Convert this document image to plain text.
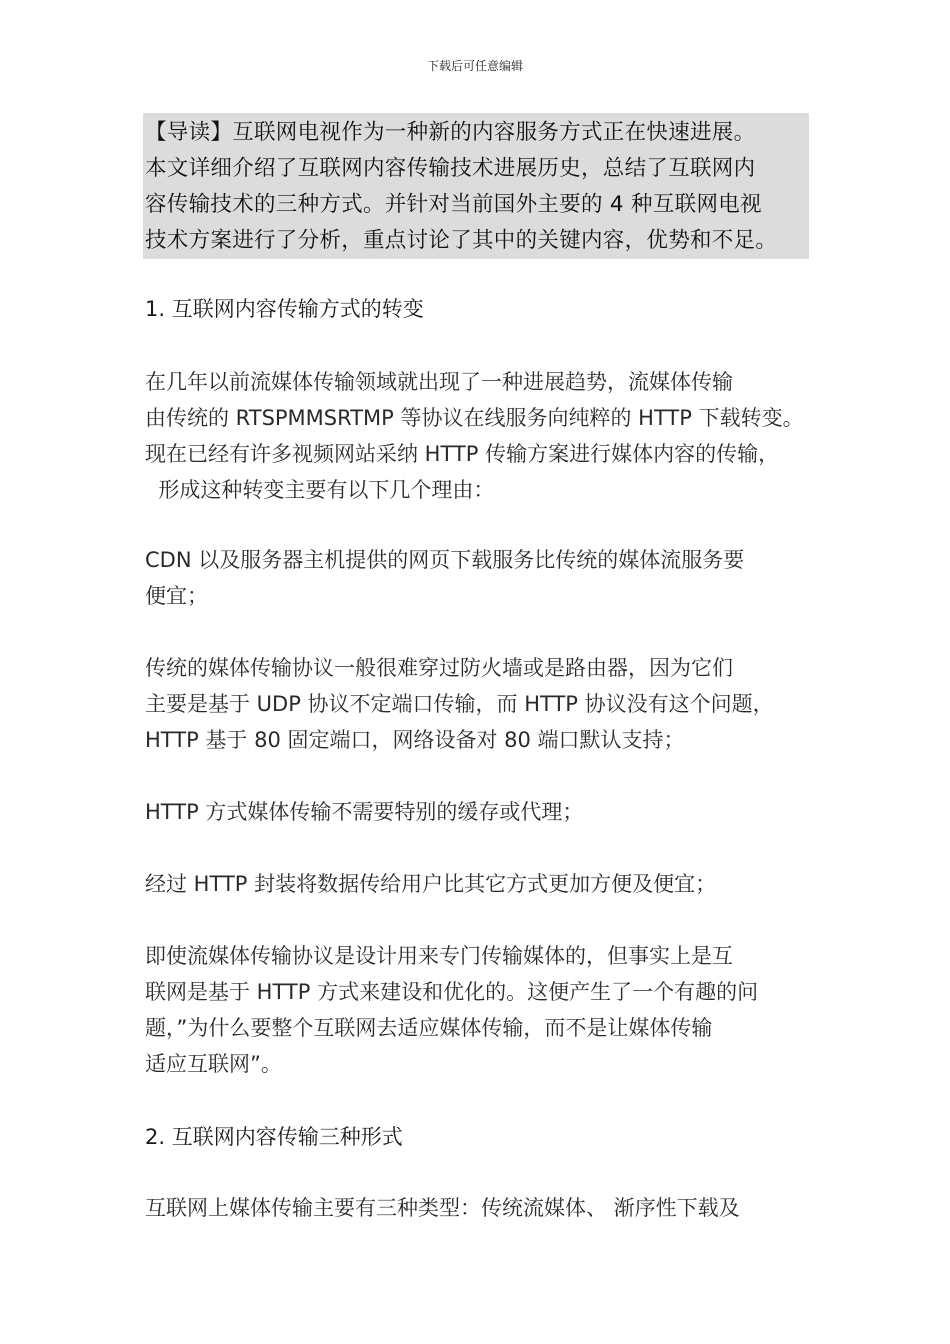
下载后可任意编辑
【导读】互联网电视作为一种新的内容服务方式正在快速进展。
本文详细介绍了互联网内容传输技术进展历史，总结了互联网内
容传输技术的三种方式。并针对当前国外主要的 4 种互联网电视
技术方案进行了分析，重点讨论了其中的关键内容，优势和不足。
1. 互联网内容传输方式的转变
在几年以前流媒体传输领域就出现了一种进展趋势，流媒体传输
由传统的 RTSPMMSRTMP 等协议在线服务向纯粹的 HTTP 下载转变。
现在已经有许多视频网站采纳 HTTP 传输方案进行媒体内容的传输，
形成这种转变主要有以下几个理由：
CDN 以及服务器主机提供的网页下载服务比传统的媒体流服务要
便宜；
传统的媒体传输协议一般很难穿过防火墙或是路由器，因为它们
主要是基于 UDP 协议不定端口传输，而 HTTP 协议没有这个问题，
HTTP 基于 80 固定端口，网络设备对 80 端口默认支持；
HTTP 方式媒体传输不需要特别的缓存或代理；
经过 HTTP 封装将数据传给用户比其它方式更加方便及便宜；
即使流媒体传输协议是设计用来专门传输媒体的，但事实上是互
联网是基于 HTTP 方式来建设和优化的。这便产生了一个有趣的问
题，”为什么要整个互联网去适应媒体传输，而不是让媒体传输
适应互联网”。
2. 互联网内容传输三种形式
互联网上媒体传输主要有三种类型：传统流媒体、 渐序性下载及
